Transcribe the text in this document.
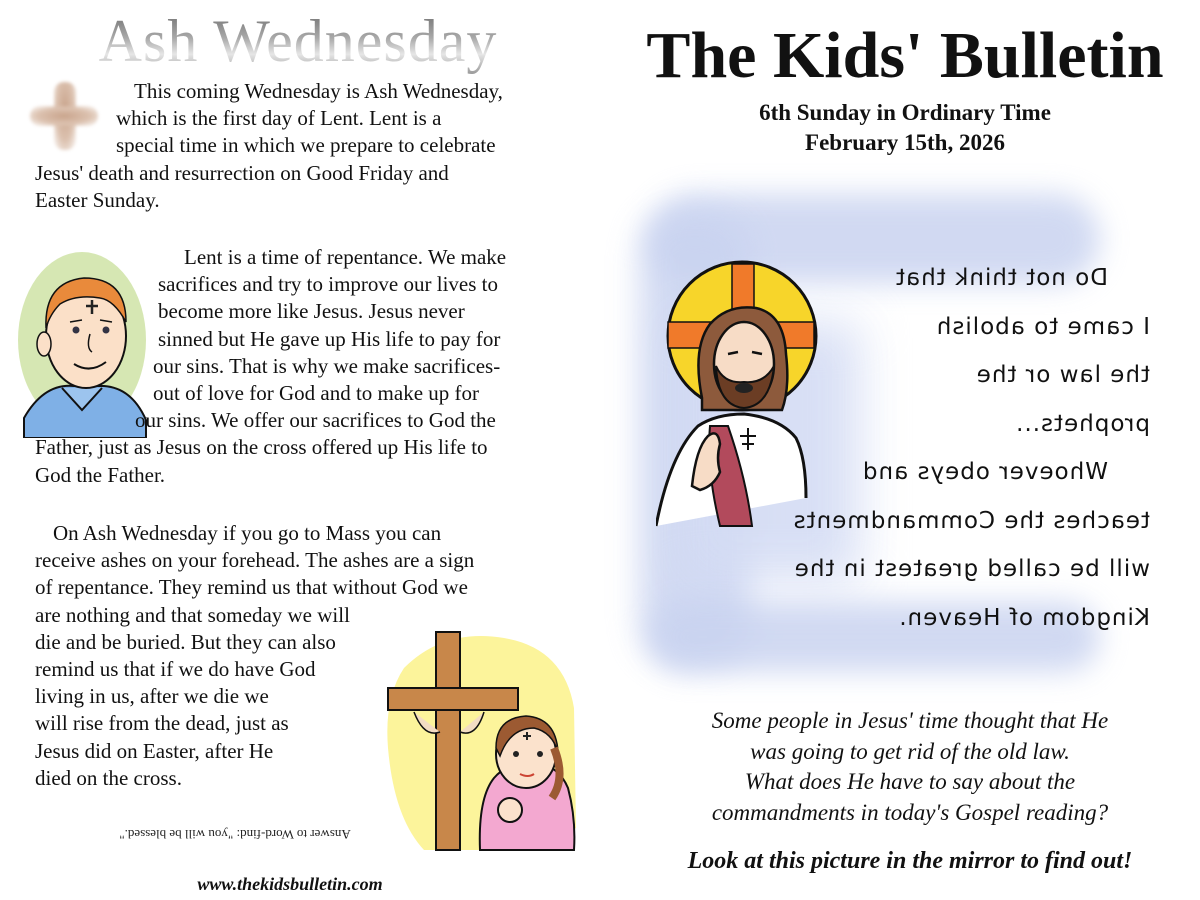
Ash Wednesday
This coming Wednesday is Ash Wednesday,
which is the first day of Lent. Lent is a
special time in which we prepare to celebrate
Jesus' death and resurrection on Good Friday and
Easter Sunday.
Lent is a time of repentance. We make
sacrifices and try to improve our lives to
become more like Jesus. Jesus never
sinned but He gave up His life to pay for
our sins. That is why we make sacrifices-
out of love for God and to make up for
our sins. We offer our sacrifices to God the
Father, just as Jesus on the cross offered up His life to
God the Father.
On Ash Wednesday if you go to Mass you can
receive ashes on your forehead. The ashes are a sign
of repentance. They remind us that without God we
are nothing and that someday we will
die and be buried. But they can also
remind us that if we do have God
living in us, after we die we
will rise from the dead, just as
Jesus did on Easter, after He
died on the cross.
Answer to Word-find: "you will be blessed."
www.thekidsbulletin.com
The Kids' Bulletin
6th Sunday in Ordinary Time
February 15th, 2026
Do not think that
I came to abolish
the law or the
prophets...
Whoever obeys and
teaches the Commandments
will be called greatest in the
Kingdom of Heaven.
Some people in Jesus' time thought that He
was going to get rid of the old law.
What does He have to say about the
commandments in today's Gospel reading?
Look at this picture in the mirror to find out!
